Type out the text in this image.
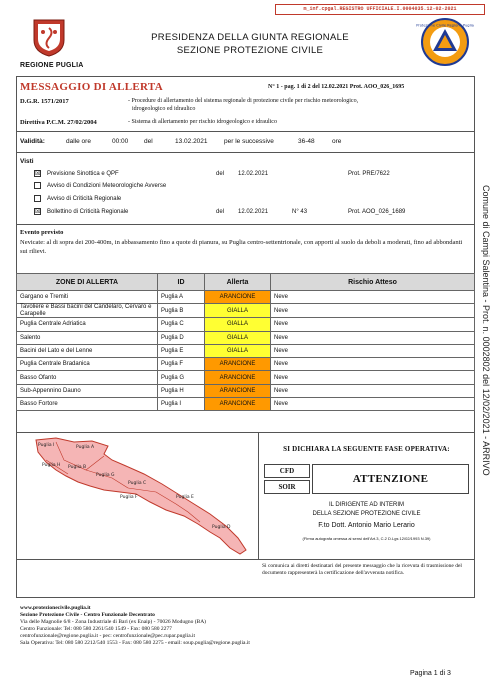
m_inf.cpgal.REGISTRO UFFICIALE.I.0004035.12-02-2021
REGIONE PUGLIA
PRESIDENZA DELLA GIUNTA REGIONALE
SEZIONE PROTEZIONE CIVILE
Protezione Civile Regione Puglia
MESSAGGIO DI ALLERTA	N° 1 - pag. 1 di 2 del 12.02.2021 Prot. AOO_026_1695
D.G.R. 1571/2017	- Procedure di allertamento del sistema regionale di protezione civile per rischio meteorologico,
idrogeologico ed idraulico
Direttiva P.C.M. 27/02/2004	- Sistema di allertamento per rischio idrogeologico e idraulico
Validità:	dalle ore	00:00 del	13.02.2021	per le successive	36-48	ore
Visti
☒ Previsione Sinottica e QPF	del 12.02.2021	Prot. PRE/7622
Avviso di Condizioni Meteorologiche Avverse
Avviso di Criticità Regionale
☒ Bollettino di Criticità Regionale	del 12.02.2021	N° 43	Prot. AOO_026_1689
Evento previsto
Nevicate: al di sopra dei 200-400m, in abbassamento fino a quote di pianura, su Puglia centro-settentrionale, con apporti al suolo da deboli a moderati, fino ad abbondanti sui rilievi.
ZONE DI ALLERTA	ID	Allerta	Rischio Atteso
Gargano e Tremiti	Puglia A	ARANCIONE	Neve
Tavoliere e Bassi bacini del Candelaro, Cervaro e Carapelle	Puglia B	GIALLA	Neve
Puglia Centrale Adriatica	Puglia C	GIALLA	Neve
Salento	Puglia D	GIALLA	Neve
Bacini del Lato e del Lenne	Puglia E	GIALLA	Neve
Puglia Centrale Bradanica	Puglia F	ARANCIONE	Neve
Basso Ofanto	Puglia G	ARANCIONE	Neve
Sub-Appennino Dauno	Puglia H	ARANCIONE	Neve
Basso Fortore	Puglia I	ARANCIONE	Neve
Puglia I	Puglia A
Puglia H Puglia B
Puglia G
Puglia C
Puglia F	Puglia E
Puglia D
SI DICHIARA LA SEGUENTE FASE OPERATIVA:
CFD
SOIR
ATTENZIONE
IL DIRIGENTE AD INTERIM
DELLA SEZIONE PROTEZIONE CIVILE
F.to Dott. Antonio Mario Lerario
(Firma autografa omessa ai sensi dell'Art.3, C.2 D.Lgs 12/02/1993 N.39)
Si comunica ai diretti destinatari del presente messaggio che la ricevuta di trasmissione del documento rappresenterà la certificazione dell'avvenuta notifica.
Comune di Campi Salentina - Prot. n. 0002802 del 12/02/2021 - ARRIVO
www.protezionecivile.puglia.it
Sezione Protezione Civile - Centro Funzionale Decentrato
Via delle Magnolie 6/8 - Zona Industriale di Bari (ex Enaip) - 70026 Modugno (BA)
Centro Funzionale: Tel: 080 580 2261/540 1549 - Fax: 080 580 2277
centrofunzionale@regione.puglia.it - pec: centrofunzionale@pec.rupar.puglia.it
Sala Operativa: Tel: 080 580 2212/540 1553 - Fax: 080 580 2275 - email: soup.puglia@regione.puglia.it
Pagina 1 di 3
